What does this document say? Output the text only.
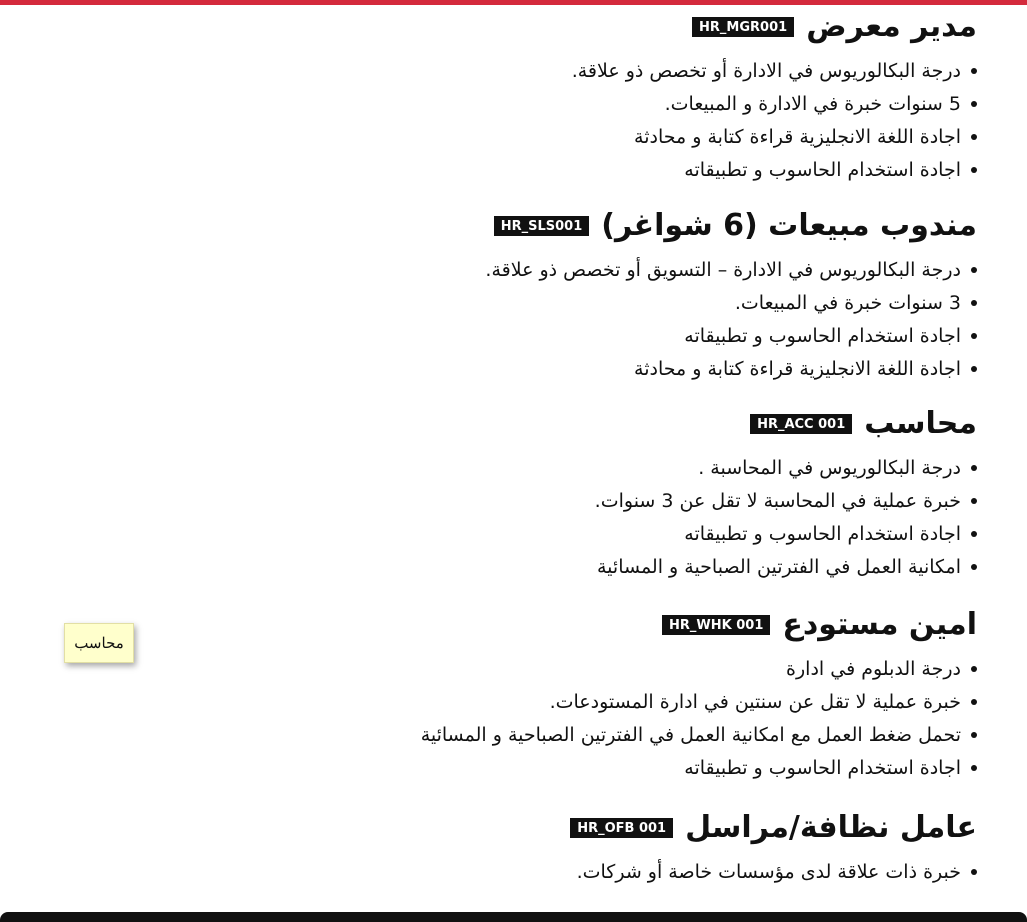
مدير معرض
HR_MGR001
درجة البكالوريوس في الادارة أو تخصص ذو علاقة.
5 سنوات خبرة في الادارة و المبيعات.
اجادة اللغة الانجليزية قراءة كتابة و محادثة
اجادة استخدام الحاسوب و تطبيقاته
مندوب مبيعات (6 شواغر)
HR_SLS001
درجة البكالوريوس في الادارة – التسويق أو تخصص ذو علاقة.
3 سنوات خبرة في المبيعات.
اجادة استخدام الحاسوب و تطبيقاته
اجادة اللغة الانجليزية قراءة كتابة و محادثة
محاسب
HR_ACC 001
درجة البكالوريوس في المحاسبة .
خبرة عملية في المحاسبة لا تقل عن 3 سنوات.
اجادة استخدام الحاسوب و تطبيقاته
امكانية العمل في الفترتين الصباحية و المسائية
امين مستودع
HR_WHK 001
درجة الدبلوم في ادارة
خبرة عملية لا تقل عن سنتين في ادارة المستودعات.
تحمل ضغط العمل مع امكانية العمل في الفترتين الصباحية و المسائية
اجادة استخدام الحاسوب و تطبيقاته
عامل نظافة/مراسل
HR_OFB 001
خبرة ذات علاقة لدى مؤسسات خاصة أو شركات.
محاسب
